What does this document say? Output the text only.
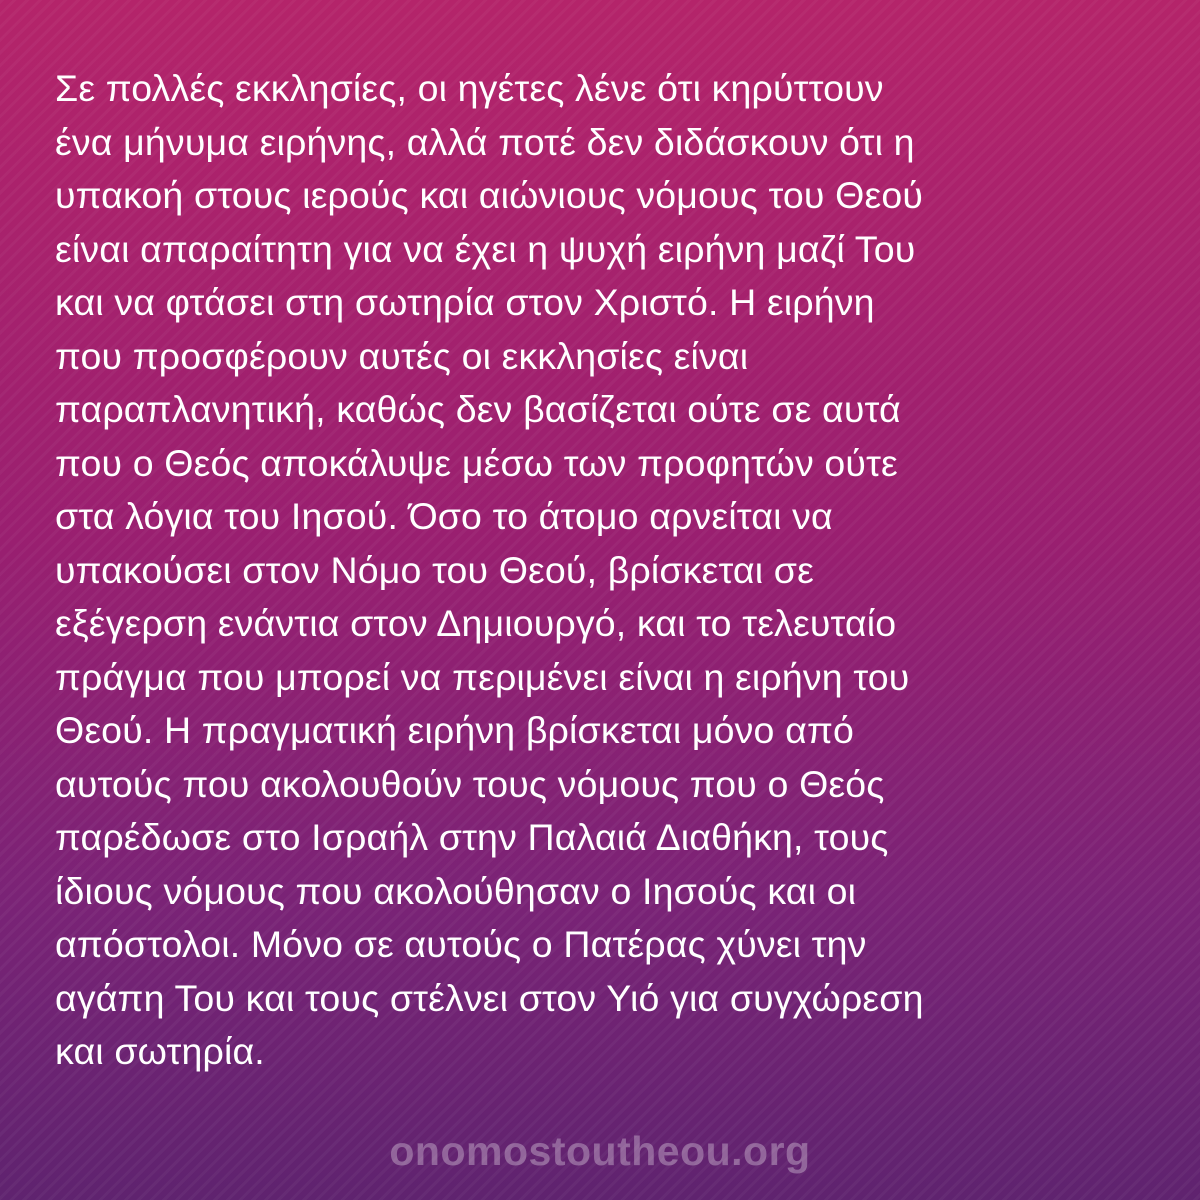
Σε πολλές εκκλησίες, οι ηγέτες λένε ότι κηρύττουν
ένα μήνυμα ειρήνης, αλλά ποτέ δεν διδάσκουν ότι η
υπακοή στους ιερούς και αιώνιους νόμους του Θεού
είναι απαραίτητη για να έχει η ψυχή ειρήνη μαζί Του
και να φτάσει στη σωτηρία στον Χριστό. Η ειρήνη
που προσφέρουν αυτές οι εκκλησίες είναι
παραπλανητική, καθώς δεν βασίζεται ούτε σε αυτά
που ο Θεός αποκάλυψε μέσω των προφητών ούτε
στα λόγια του Ιησού. Όσο το άτομο αρνείται να
υπακούσει στον Νόμο του Θεού, βρίσκεται σε
εξέγερση ενάντια στον Δημιουργό, και το τελευταίο
πράγμα που μπορεί να περιμένει είναι η ειρήνη του
Θεού. Η πραγματική ειρήνη βρίσκεται μόνο από
αυτούς που ακολουθούν τους νόμους που ο Θεός
παρέδωσε στο Ισραήλ στην Παλαιά Διαθήκη, τους
ίδιους νόμους που ακολούθησαν ο Ιησούς και οι
απόστολοι. Μόνο σε αυτούς ο Πατέρας χύνει την
αγάπη Του και τους στέλνει στον Υιό για συγχώρεση
και σωτηρία.

onomostoutheou.org
